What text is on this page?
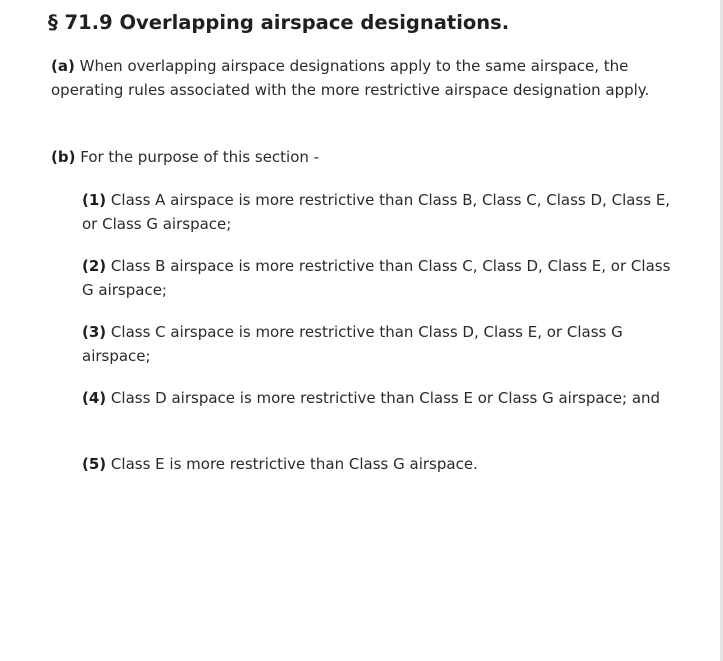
§ 71.9 Overlapping airspace designations.

(a) When overlapping airspace designations apply to the same airspace, the operating rules associated with the more restrictive airspace designation apply.

(b) For the purpose of this section -

(1) Class A airspace is more restrictive than Class B, Class C, Class D, Class E, or Class G airspace;

(2) Class B airspace is more restrictive than Class C, Class D, Class E, or Class G airspace;

(3) Class C airspace is more restrictive than Class D, Class E, or Class G airspace;

(4) Class D airspace is more restrictive than Class E or Class G airspace; and

(5) Class E is more restrictive than Class G airspace.
